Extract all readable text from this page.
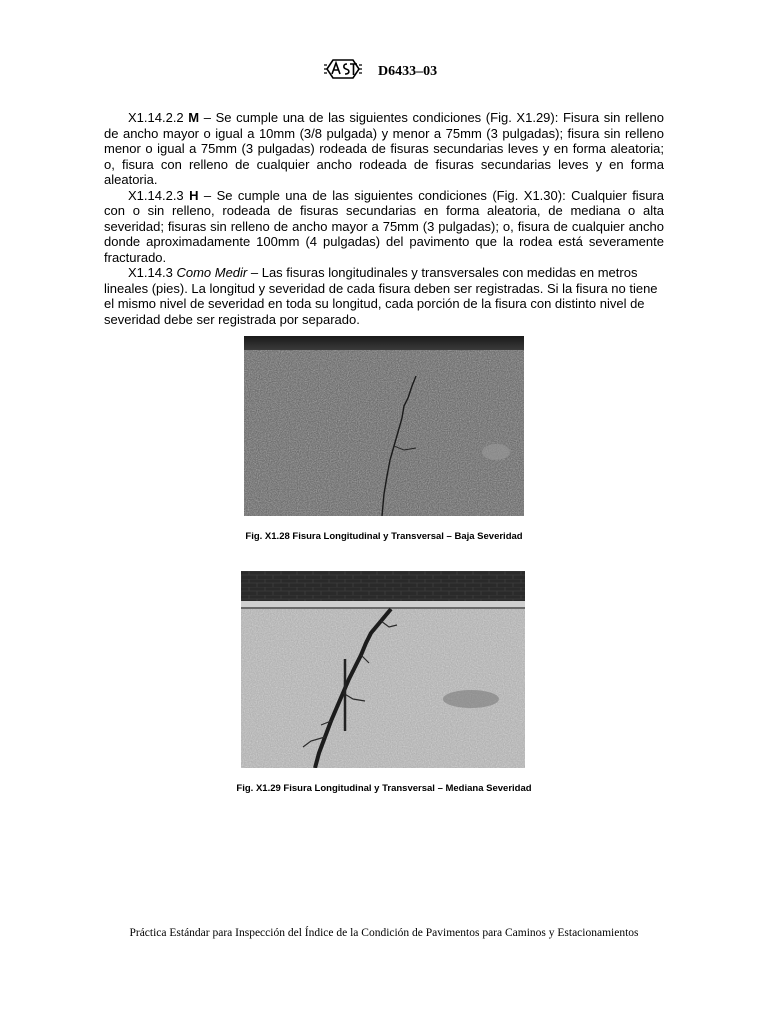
D6433–03

X1.14.2.2 M – Se cumple una de las siguientes condiciones (Fig. X1.29): Fisura sin relleno de ancho mayor o igual a 10mm (3/8 pulgada) y menor a 75mm (3 pulgadas); fisura sin relleno menor o igual a 75mm (3 pulgadas) rodeada de fisuras secundarias leves y en forma aleatoria; o, fisura con relleno de cualquier ancho rodeada de fisuras secundarias leves y en forma aleatoria.

X1.14.2.3 H – Se cumple una de las siguientes condiciones (Fig. X1.30): Cualquier fisura con o sin relleno, rodeada de fisuras secundarias en forma aleatoria, de mediana o alta severidad; fisuras sin relleno de ancho mayor a 75mm (3 pulgadas); o, fisura de cualquier ancho donde aproximadamente 100mm (4 pulgadas) del pavimento que la rodea está severamente fracturado.

X1.14.3 Como Medir – Las fisuras longitudinales y transversales con medidas en metros lineales (pies). La longitud y severidad de cada fisura deben ser registradas. Si la fisura no tiene el mismo nivel de severidad en toda su longitud, cada porción de la fisura con distinto nivel de severidad debe ser registrada por separado.

Fig. X1.28 Fisura Longitudinal y Transversal – Baja Severidad
Fig. X1.29 Fisura Longitudinal y Transversal – Mediana Severidad
Práctica Estándar para Inspección del Índice de la Condición de Pavimentos para Caminos y Estacionamientos
